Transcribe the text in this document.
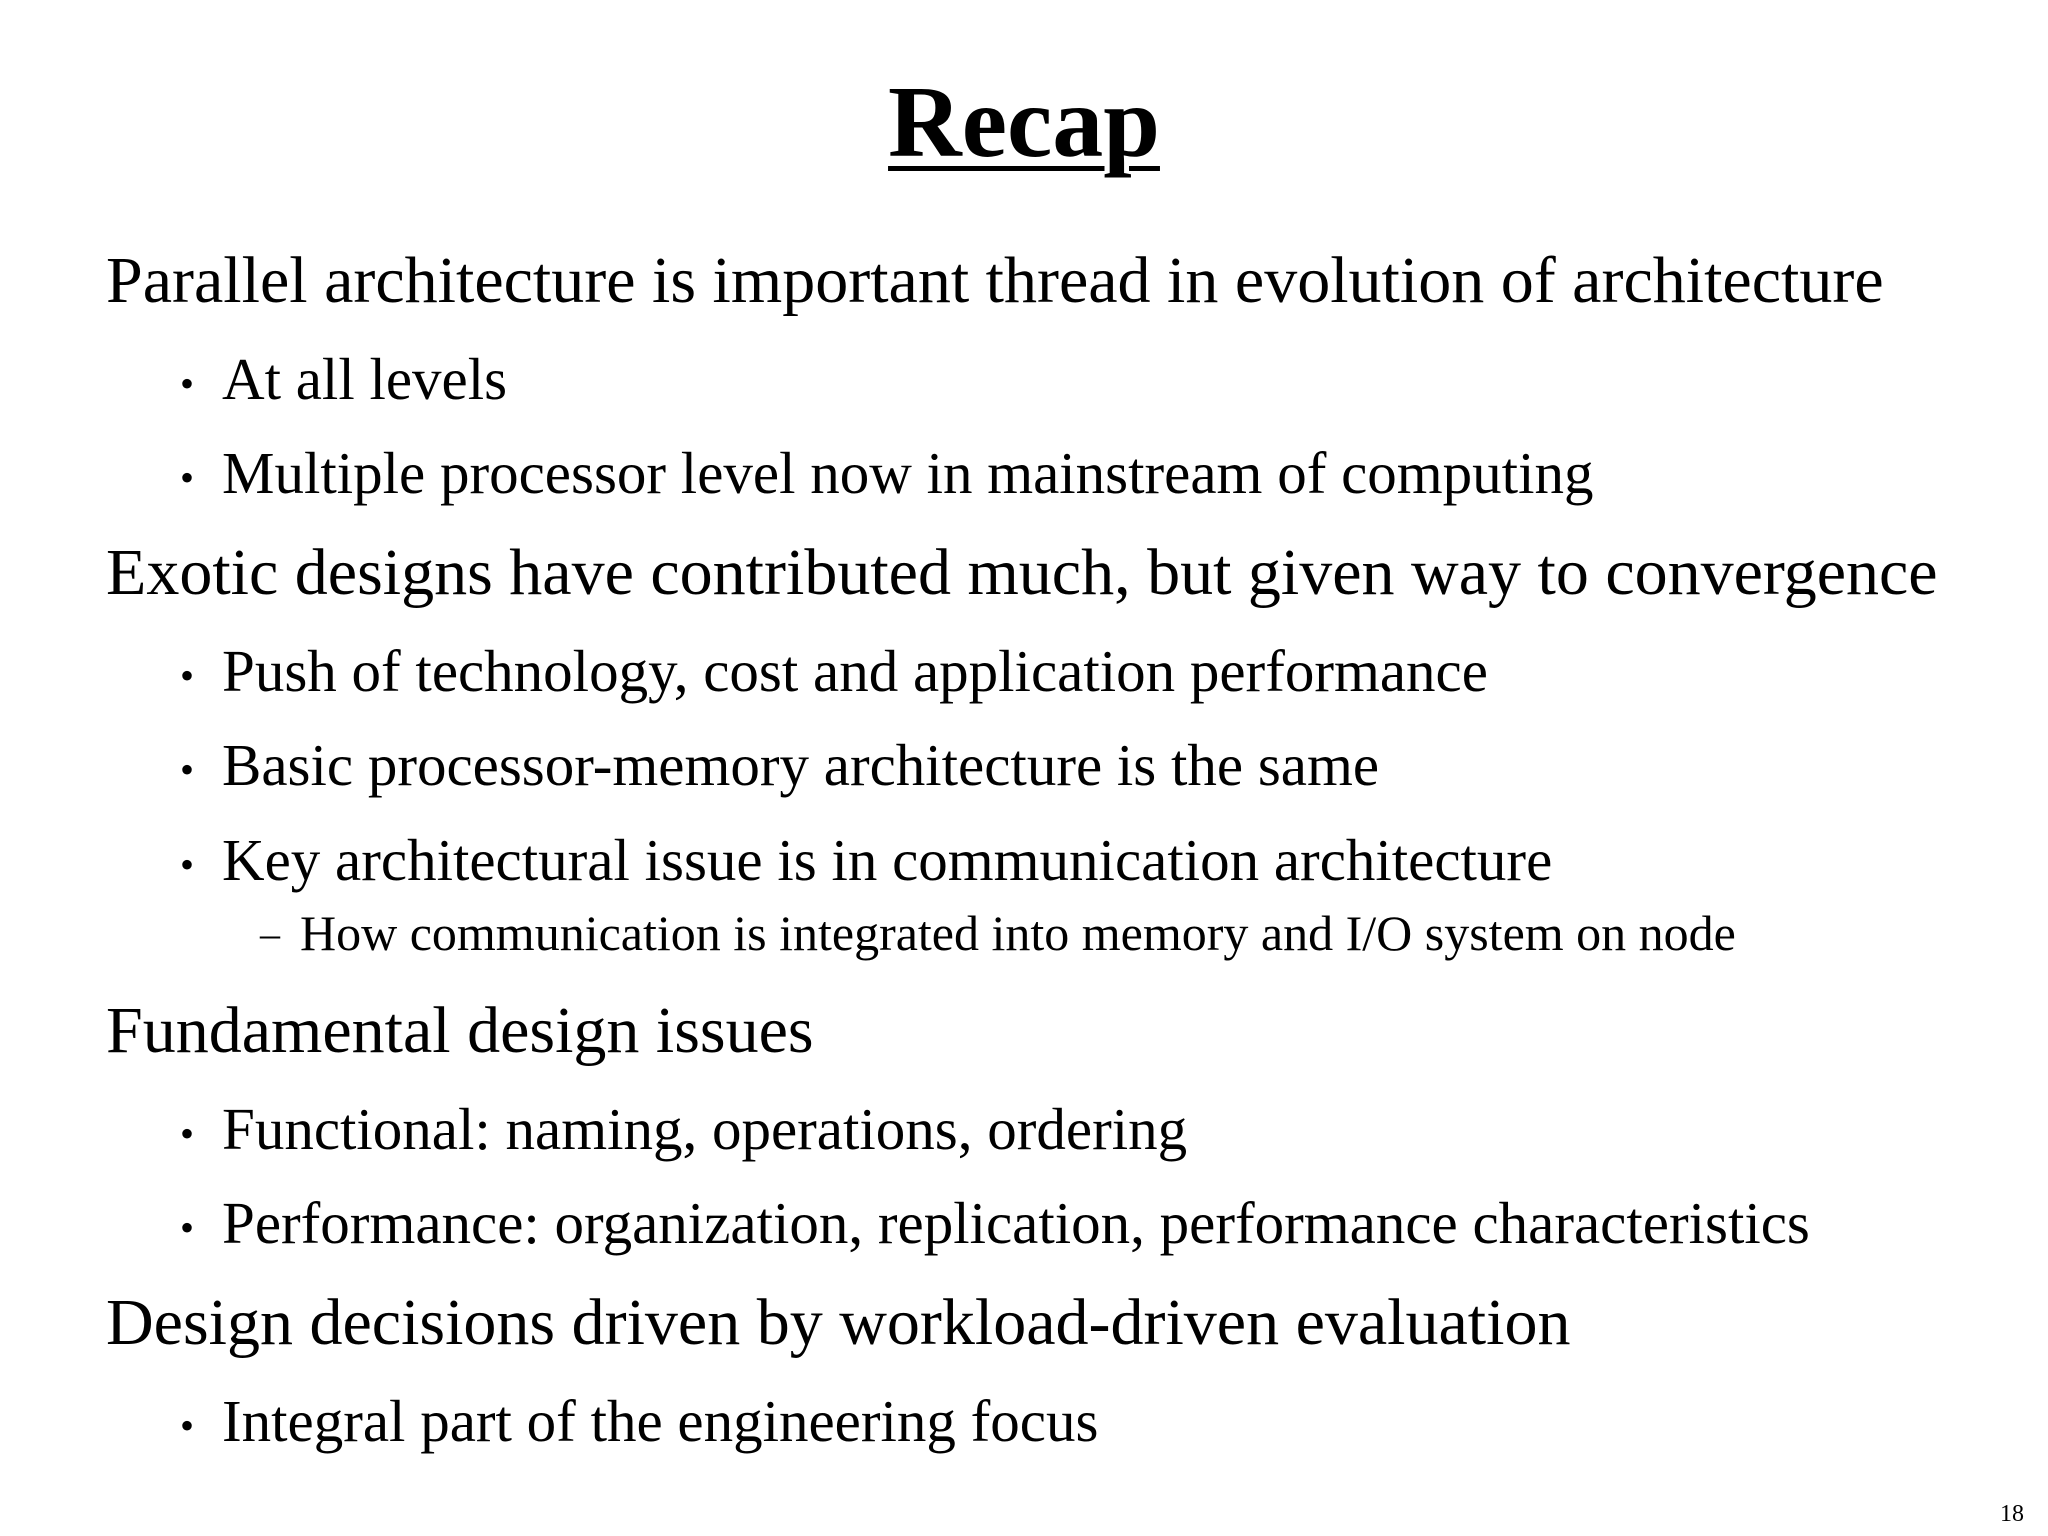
Recap
Parallel architecture is important thread in evolution of architecture
• At all levels
• Multiple processor level now in mainstream of computing
Exotic designs have contributed much, but given way to convergence
• Push of technology, cost and application performance
• Basic processor-memory architecture is the same
• Key architectural issue is in communication architecture
– How communication is integrated into memory and I/O system on node
Fundamental design issues
• Functional: naming, operations, ordering
• Performance: organization, replication, performance characteristics
Design decisions driven by workload-driven evaluation
• Integral part of the engineering focus
18
